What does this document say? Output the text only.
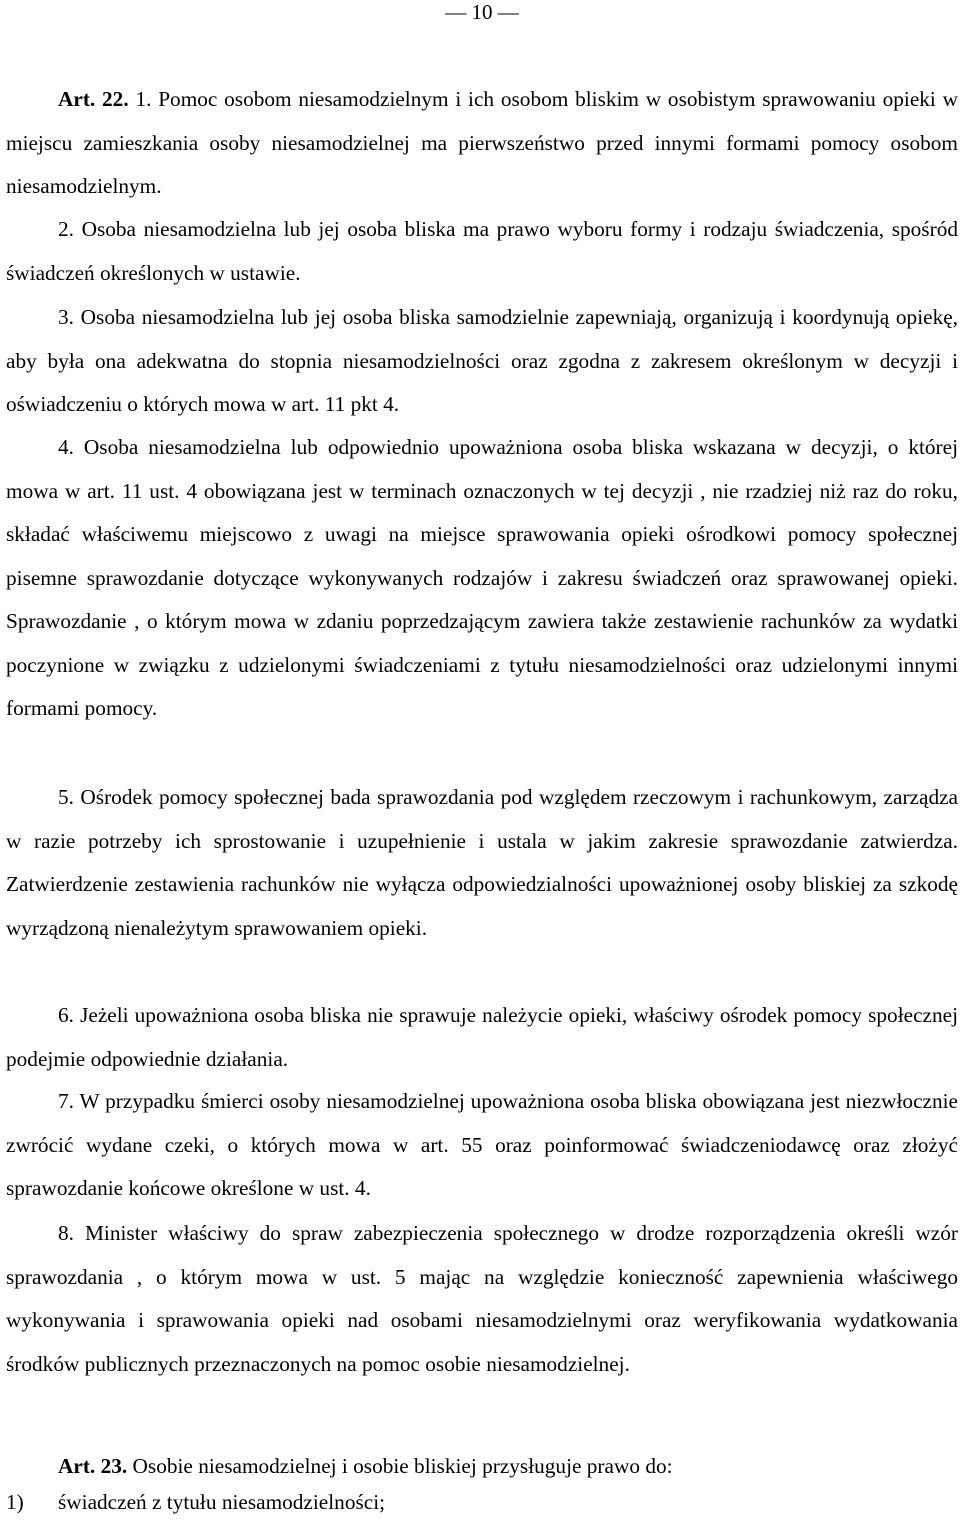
— 10 —

Art. 22. 1. Pomoc osobom niesamodzielnym i ich osobom bliskim w osobistym sprawowaniu opieki w miejscu zamieszkania osoby niesamodzielnej ma pierwszeństwo przed innymi formami pomocy osobom niesamodzielnym.

2. Osoba niesamodzielna lub jej osoba bliska ma prawo wyboru formy i rodzaju świadczenia, spośród świadczeń określonych w ustawie.

3. Osoba niesamodzielna lub jej osoba bliska samodzielnie zapewniają, organizują i koordynują opiekę, aby była ona adekwatna do stopnia niesamodzielności oraz zgodna z zakresem określonym w decyzji i oświadczeniu o których mowa w art. 11 pkt 4.

4. Osoba niesamodzielna lub odpowiednio upoważniona osoba bliska wskazana w decyzji, o której mowa w art. 11 ust. 4 obowiązana jest w terminach oznaczonych w tej decyzji , nie rzadziej niż raz do roku, składać właściwemu miejscowo z uwagi na miejsce sprawowania opieki ośrodkowi pomocy społecznej pisemne sprawozdanie dotyczące wykonywanych rodzajów i zakresu świadczeń oraz sprawowanej opieki. Sprawozdanie , o którym mowa w zdaniu poprzedzającym zawiera także zestawienie rachunków za wydatki poczynione w związku z udzielonymi świadczeniami z tytułu niesamodzielności oraz udzielonymi innymi formami pomocy.

5. Ośrodek pomocy społecznej bada sprawozdania pod względem rzeczowym i rachunkowym, zarządza w razie potrzeby ich sprostowanie i uzupełnienie i ustala w jakim zakresie sprawozdanie zatwierdza. Zatwierdzenie zestawienia rachunków nie wyłącza odpowiedzialności upoważnionej osoby bliskiej za szkodę wyrządzoną nienależytym sprawowaniem opieki.

6. Jeżeli upoważniona osoba bliska nie sprawuje należycie opieki, właściwy ośrodek pomocy społecznej podejmie odpowiednie działania.

7. W przypadku śmierci osoby niesamodzielnej upoważniona osoba bliska obowiązana jest niezwłocznie zwrócić wydane czeki, o których mowa w art. 55 oraz poinformować świadczeniodawcę oraz złożyć sprawozdanie końcowe określone w ust. 4.

8. Minister właściwy do spraw zabezpieczenia społecznego w drodze rozporządzenia określi wzór sprawozdania , o którym mowa w ust. 5 mając na względzie konieczność zapewnienia właściwego wykonywania i sprawowania opieki nad osobami niesamodzielnymi oraz weryfikowania wydatkowania środków publicznych przeznaczonych na pomoc osobie niesamodzielnej.

Art. 23. Osobie niesamodzielnej i osobie bliskiej przysługuje prawo do:

1) świadczeń z tytułu niesamodzielności;
